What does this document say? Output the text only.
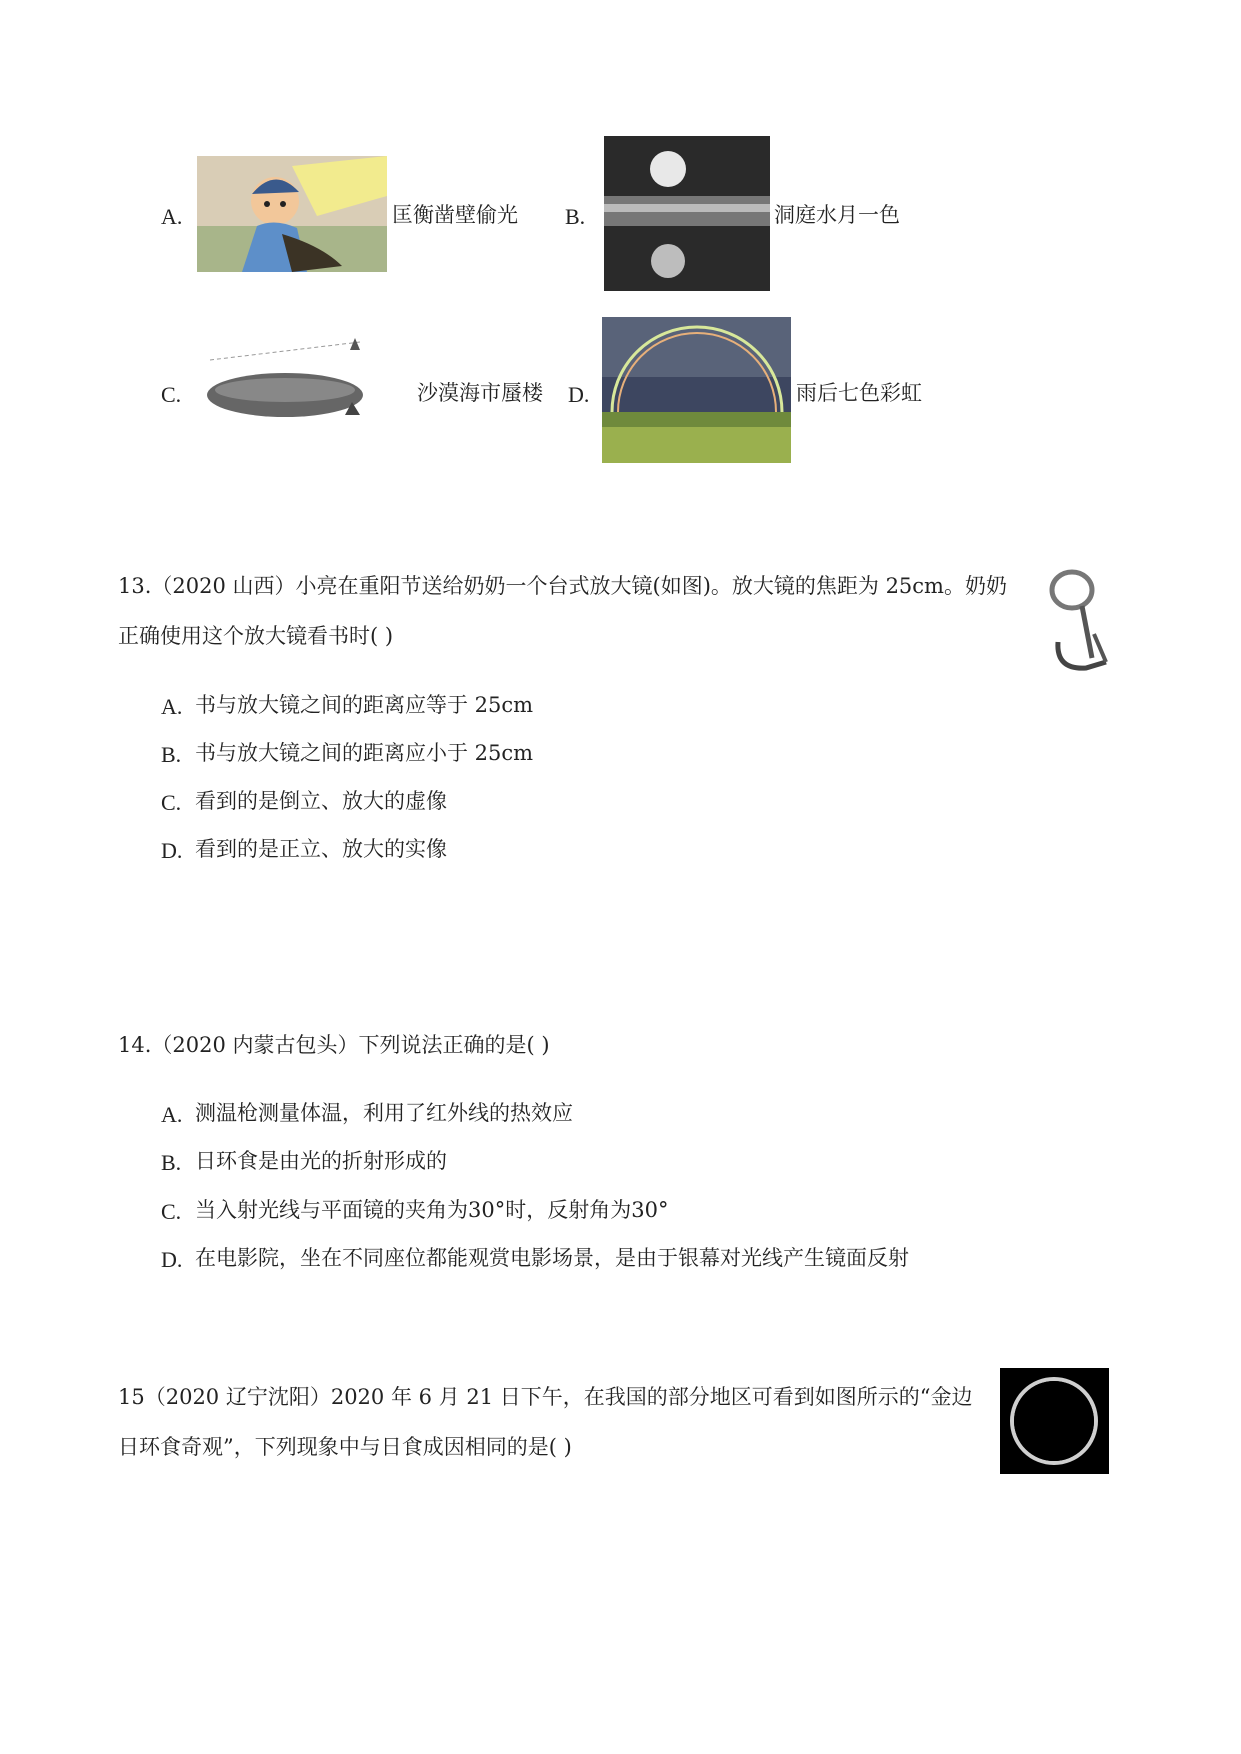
A.	匡衡凿壁偷光 B.	洞庭水月一色
C.	沙漠海市蜃楼 D.	雨后七色彩虹
13.（2020 山西）小亮在重阳节送给奶奶一个台式放大镜(如图)。放大镜的焦距为 25cm。奶奶
正确使用这个放大镜看书时( )
A. 书与放大镜之间的距离应等于 25cm
B. 书与放大镜之间的距离应小于 25cm
C. 看到的是倒立、放大的虚像
D. 看到的是正立、放大的实像
14.（2020 内蒙古包头）下列说法正确的是( )
A. 测温枪测量体温，利用了红外线的热效应
B. 日环食是由光的折射形成的
C. 当入射光线与平面镜的夹角为30°时，反射角为30°
D. 在电影院，坐在不同座位都能观赏电影场景，是由于银幕对光线产生镜面反射
15（2020 辽宁沈阳）2020 年 6 月 21 日下午，在我国的部分地区可看到如图所示的“金边
日环食奇观”，下列现象中与日食成因相同的是( )
